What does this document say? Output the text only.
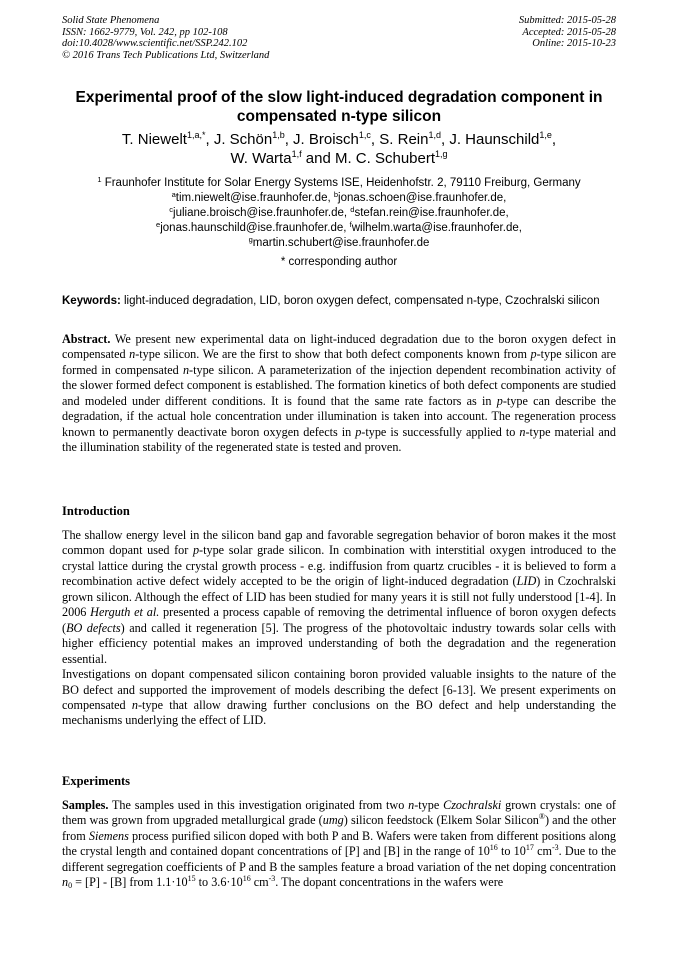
Solid State Phenomena
ISSN: 1662-9779, Vol. 242, pp 102-108
doi:10.4028/www.scientific.net/SSP.242.102
© 2016 Trans Tech Publications Ltd, Switzerland
Submitted: 2015-05-28
Accepted: 2015-05-28
Online: 2015-10-23
Experimental proof of the slow light-induced degradation component in compensated n-type silicon
T. Niewelt$^{1,a,*}$, J. Schön$^{1,b}$, J. Broisch$^{1,c}$, S. Rein$^{1,d}$, J. Haunschild$^{1,e}$,
W. Warta$^{1,f}$ and M. C. Schubert$^{1,g}$
$^1$ Fraunhofer Institute for Solar Energy Systems ISE, Heidenhofstr. 2, 79110 Freiburg, Germany
$^a$tim.niewelt@ise.fraunhofer.de, $^b$jonas.schoen@ise.fraunhofer.de,
$^c$juliane.broisch@ise.fraunhofer.de, $^d$stefan.rein@ise.fraunhofer.de,
$^e$jonas.haunschild@ise.fraunhofer.de, $^f$wilhelm.warta@ise.fraunhofer.de,
$^g$martin.schubert@ise.fraunhofer.de
* corresponding author
Keywords: light-induced degradation, LID, boron oxygen defect, compensated n-type, Czochralski silicon

Abstract. We present new experimental data on light-induced degradation due to the boron oxygen defect in compensated n-type silicon. We are the first to show that both defect components known from p-type silicon are formed in compensated n-type silicon. A parameterization of the injection dependent recombination activity of the slower formed defect component is established. The formation kinetics of both defect components are studied and modeled under different conditions. It is found that the same rate factors as in p-type can describe the degradation, if the actual hole concentration under illumination is taken into account. The regeneration process known to permanently deactivate boron oxygen defects in p-type is successfully applied to n-type material and the illumination stability of the regenerated state is tested and proven.

Introduction

The shallow energy level in the silicon band gap and favorable segregation behavior of boron makes it the most common dopant used for p-type solar grade silicon. In combination with interstitial oxygen introduced to the crystal lattice during the crystal growth process - e.g. indiffusion from quartz crucibles - it is believed to form a recombination active defect widely accepted to be the origin of light-induced degradation (LID) in Czochralski grown silicon. Although the effect of LID has been studied for many years it is still not fully understood [1-4]. In 2006 Herguth et al. presented a process capable of removing the detrimental influence of boron oxygen defects (BO defects) and called it regeneration [5]. The progress of the photovoltaic industry towards solar cells with higher efficiency potential makes an improved understanding of both the degradation and the regeneration essential.

Investigations on dopant compensated silicon containing boron provided valuable insights to the nature of the BO defect and supported the improvement of models describing the defect [6-13]. We present experiments on compensated n-type that allow drawing further conclusions on the BO defect and help understanding the mechanisms underlying the effect of LID.

Experiments

Samples. The samples used in this investigation originated from two n-type Czochralski grown crystals: one of them was grown from upgraded metallurgical grade (umg) silicon feedstock (Elkem Solar Silicon®) and the other from Siemens process purified silicon doped with both P and B. Wafers were taken from different positions along the crystal length and contained dopant concentrations of [P] and [B] in the range of $10^{16}$ to $10^{17}$ $cm^{-3}$. Due to the different segregation coefficients of P and B the samples feature a broad variation of the net doping concentration $n_0 = [P] - [B]$ from $1.1\cdot 10^{15}$ to $3.6\cdot 10^{16}$ $cm^{-3}$. The dopant concentrations in the wafers were
